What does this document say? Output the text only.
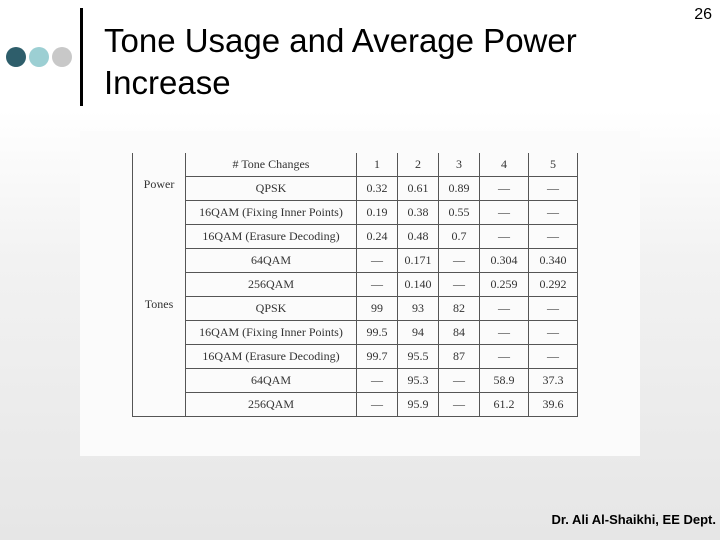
Tone Usage and Average Power Increase
26
	# Tone Changes	1	2	3	4	5
Power	QPSK	0.32	0.61	0.89	—	—
	16QAM (Fixing Inner Points)	0.19	0.38	0.55	—	—
	16QAM (Erasure Decoding)	0.24	0.48	0.7	—	—
	64QAM	—	0.171	—	0.304	0.340
	256QAM	—	0.140	—	0.259	0.292
Tones	QPSK	99	93	82	—	—
	16QAM (Fixing Inner Points)	99.5	94	84	—	—
	16QAM (Erasure Decoding)	99.7	95.5	87	—	—
	64QAM	—	95.3	—	58.9	37.3
	256QAM	—	95.9	—	61.2	39.6
Dr. Ali Al-Shaikhi, EE Dept.
